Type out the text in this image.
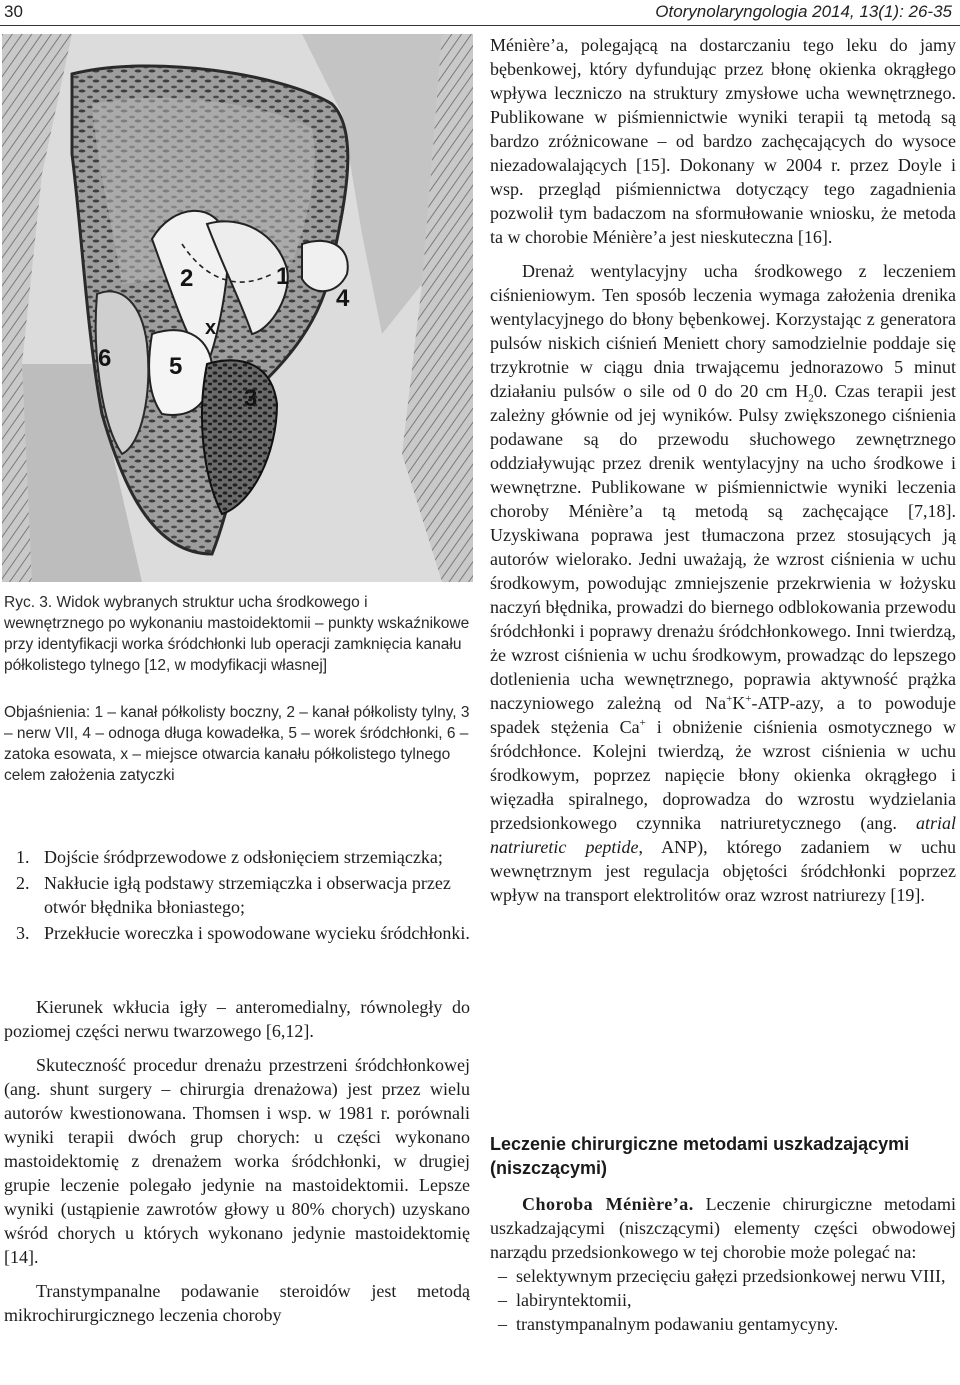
30	Otorynolaryngologia 2014, 13(1): 26-35
1
2
3
4
5
6
x

Ryc. 3. Widok wybranych struktur ucha środkowego i wewnętrznego po wykonaniu mastoidektomii – punkty wskaźnikowe przy identyfikacji worka śródchłonki lub operacji zamknięcia kanału półkolistego tylnego [12, w modyfikacji własnej]

Objaśnienia: 1 – kanał półkolisty boczny, 2 – kanał półkolisty tylny, 3 – nerw VII, 4 – odnoga długa kowadełka, 5 – worek śródchłonki, 6 – zatoka esowata, x – miejsce otwarcia kanału półkolistego tylnego celem założenia zatyczki

1. Dojście śródprzewodowe z odsłonięciem strzemiączka;
2. Nakłucie igłą podstawy strzemiączka i obserwacja przez otwór błędnika błoniastego;
3. Przekłucie woreczka i spowodowane wycieku śródchłonki.

Kierunek wkłucia igły – anteromedialny, równoległy do poziomej części nerwu twarzowego [6,12].

Skuteczność procedur drenażu przestrzeni śródchłonkowej (ang. shunt surgery – chirurgia drenażowa) jest przez wielu autorów kwestionowana. Thomsen i wsp. w 1981 r. porównali wyniki terapii dwóch grup chorych: u części wykonano mastoidektomię z drenażem worka śródchłonki, w drugiej grupie leczenie polegało jedynie na mastoidektomii. Lepsze wyniki (ustąpienie zawrotów głowy u 80% chorych) uzyskano wśród chorych u których wykonano jedynie mastoidektomię [14].

Transtympanalne podawanie steroidów jest metodą mikrochirurgicznego leczenia choroby

Ménière’a, polegającą na dostarczaniu tego leku do jamy bębenkowej, który dyfundując przez błonę okienka okrągłego wpływa leczniczo na struktury zmysłowe ucha wewnętrznego. Publikowane w piśmiennictwie wyniki terapii tą metodą są bardzo zróżnicowane – od bardzo zachęcających do wysoce niezadowalających [15]. Dokonany w 2004 r. przez Doyle i wsp. przegląd piśmiennictwa dotyczący tego zagadnienia pozwolił tym badaczom na sformułowanie wniosku, że metoda ta w chorobie Ménière’a jest nieskuteczna [16].

Drenaż wentylacyjny ucha środkowego z leczeniem ciśnieniowym. Ten sposób leczenia wymaga założenia drenika wentylacyjnego do błony bębenkowej. Korzystając z generatora pulsów niskich ciśnień Meniett chory samodzielnie poddaje się trzykrotnie w ciągu dnia trwającemu jednorazowo 5 minut działaniu pulsów o sile od 0 do 20 cm $H_20$. Czas terapii jest zależny głównie od jej wyników. Pulsy zwiększonego ciśnienia podawane są do przewodu słuchowego zewnętrznego oddziaływując przez drenik wentylacyjny na ucho środkowe i wewnętrzne. Publikowane w piśmiennictwie wyniki leczenia choroby Ménière’a tą metodą są zachęcające [7,18]. Uzyskiwana poprawa jest tłumaczona przez stosujących ją autorów wielorako. Jedni uważają, że wzrost ciśnienia w uchu środkowym, powodując zmniejszenie przekrwienia w łożysku naczyń błędnika, prowadzi do biernego odblokowania przewodu śródchłonki i poprawy drenażu śródchłonkowego. Inni twierdzą, że wzrost ciśnienia w uchu środkowym, prowadząc do lepszego dotlenienia ucha wewnętrznego, poprawia aktywność prążka naczyniowego zależną od Na+K+-ATP-azy, a to powoduje spadek stężenia Ca+ i obniżenie ciśnienia osmotycznego w śródchłonce. Kolejni twierdzą, że wzrost ciśnienia w uchu środkowym, poprzez napięcie błony okienka okrągłego i więzadła spiralnego, doprowadza do wzrostu wydzielania przedsionkowego czynnika natriuretycznego (ang. atrial natriuretic peptide, ANP), którego zadaniem w uchu wewnętrznym jest regulacja objętości śródchłonki poprzez wpływ na transport elektrolitów oraz wzrost natriurezy [19].

Leczenie chirurgiczne metodami uszkadzającymi (niszczącymi)

Choroba Ménière’a. Leczenie chirurgiczne metodami uszkadzającymi (niszczącymi) elementy części obwodowej narządu przedsionkowego w tej chorobie może polegać na:

– selektywnym przecięciu gałęzi przedsionkowej nerwu VIII,
– labiryntektomii,
– transtympanalnym podawaniu gentamycyny.
